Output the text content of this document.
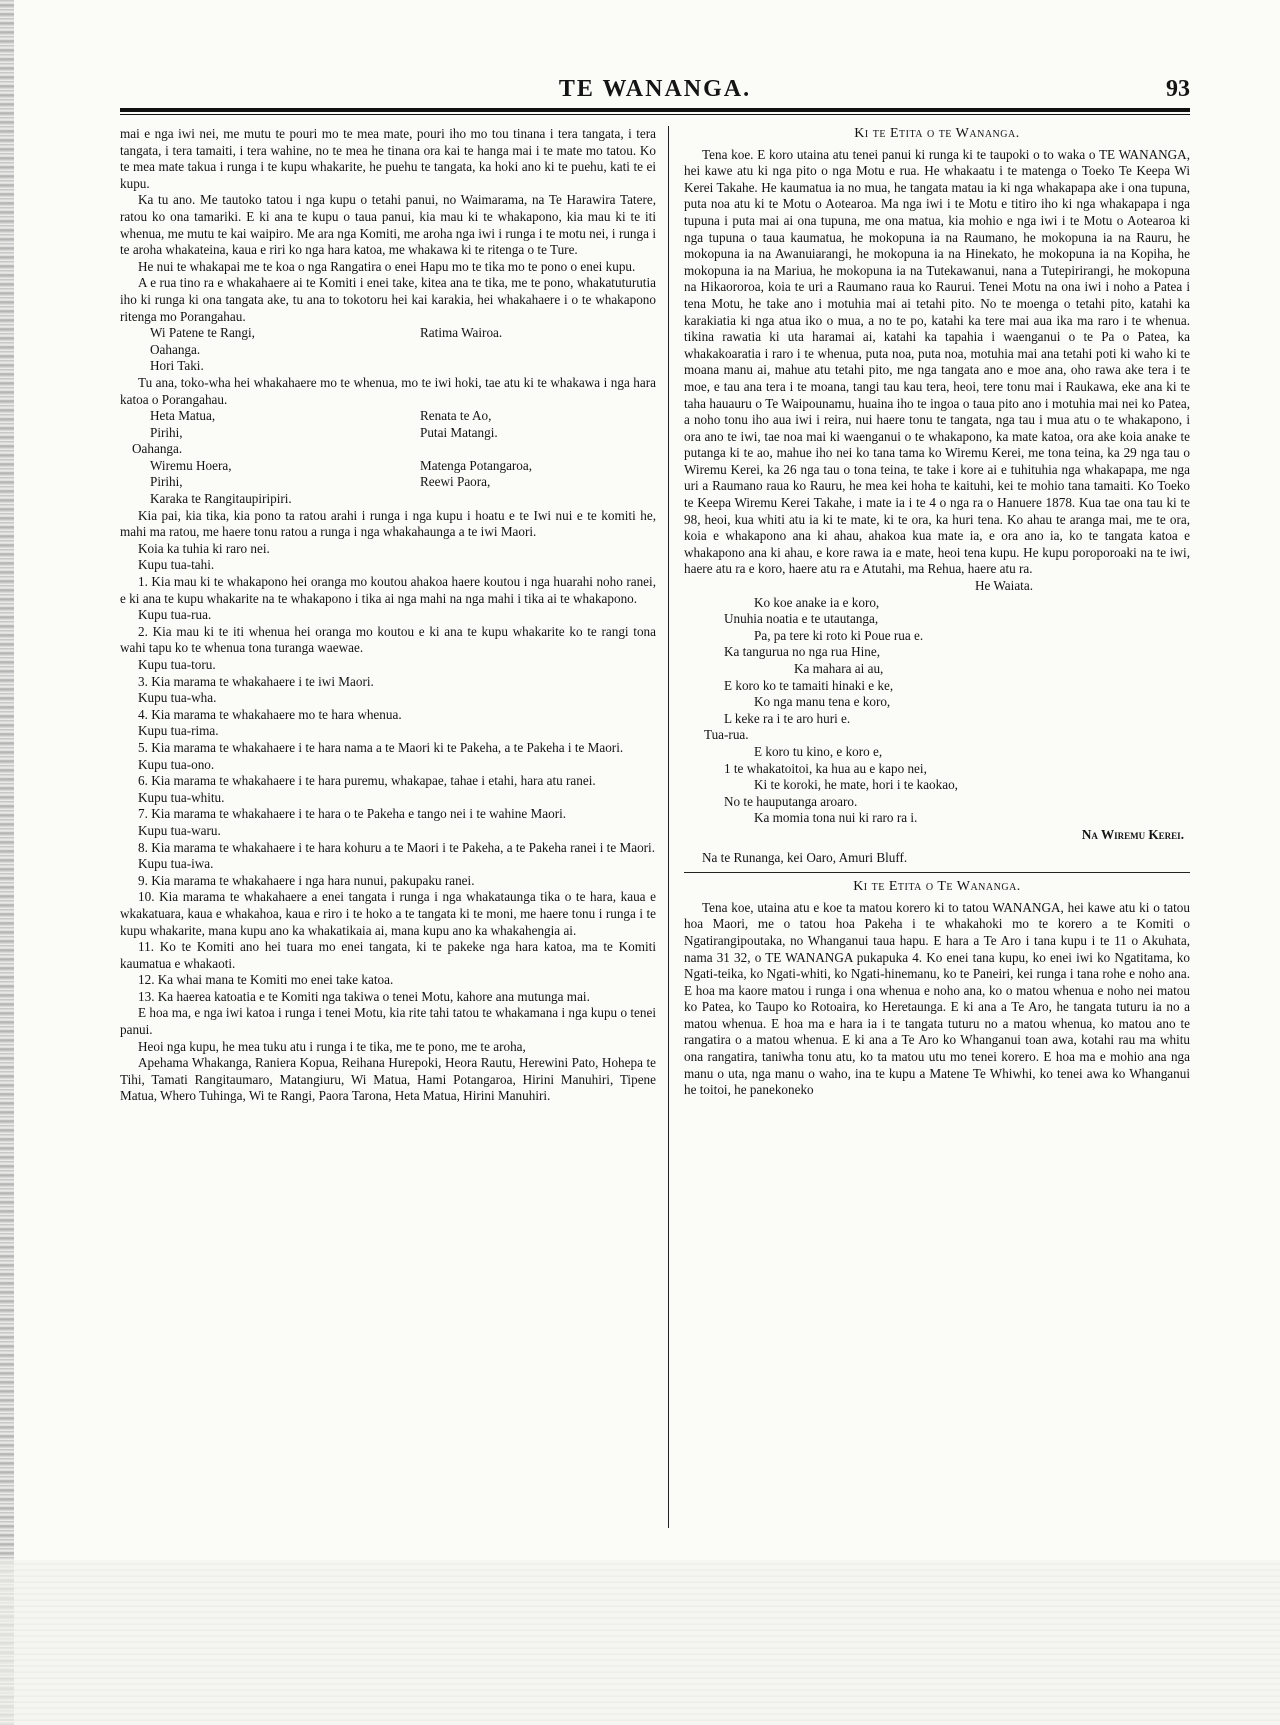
TE WANANGA.	93

mai e nga iwi nei, me mutu te pouri mo te mea mate, pouri iho mo tou tinana i tera tangata, i tera tangata, i tera tamaiti, i tera wahine, no te mea he tinana ora kai te hanga mai i te mate mo tatou. Ko te mea mate takua i runga i te kupu whakarite, he puehu te tangata, ka hoki ano ki te puehu, kati te ei kupu.

Ka tu ano. Me tautoko tatou i nga kupu o tetahi panui, no Waimarama, na Te Harawira Tatere, ratou ko ona tamariki. E ki ana te kupu o taua panui, kia mau ki te whakapono, kia mau ki te iti whenua, me mutu te kai waipiro. Me ara nga Komiti, me aroha nga iwi i runga i te motu nei, i runga i te aroha whakateina, kaua e riri ko nga hara katoa, me whakawa ki te ritenga o te Ture.

He nui te whakapai me te koa o nga Rangatira o enei Hapu mo te tika mo te pono o enei kupu.

A e rua tino ra e whakahaere ai te Komiti i enei take, kitea ana te tika, me te pono, whakatuturutia iho ki runga ki ona tangata ake, tu ana to tokotoru hei kai karakia, hei whakahaere i o te whakapono ritenga mo Porangahau.

Wi Patene te Rangi,	Ratima Wairoa.
Oahanga.
Hori Taki.

Tu ana, toko-wha hei whakahaere mo te whenua, mo te iwi hoki, tae atu ki te whakawa i nga hara katoa o Porangahau.

Heta Matua,	Renata te Ao,
Pirihi,	Putai Matangi.

Oahanga.

Wiremu Hoera,	Matenga Potangaroa,
Pirihi,	Reewi Paora,
Karaka te Rangitaupiripiri.

Kia pai, kia tika, kia pono ta ratou arahi i runga i nga kupu i hoatu e te Iwi nui e te komiti he, mahi ma ratou, me haere tonu ratou a runga i nga whakahaunga a te iwi Maori.

Koia ka tuhia ki raro nei.

Kupu tua-tahi.

1. Kia mau ki te whakapono hei oranga mo koutou ahakoa haere koutou i nga huarahi noho ranei, e ki ana te kupu whakarite na te whakapono i tika ai nga mahi na nga mahi i tika ai te whakapono.

Kupu tua-rua.

2. Kia mau ki te iti whenua hei oranga mo koutou e ki ana te kupu whakarite ko te rangi tona wahi tapu ko te whenua tona turanga waewae.

Kupu tua-toru.

3. Kia marama te whakahaere i te iwi Maori.

Kupu tua-wha.

4. Kia marama te whakahaere mo te hara whenua.

Kupu tua-rima.

5. Kia marama te whakahaere i te hara nama a te Maori ki te Pakeha, a te Pakeha i te Maori.

Kupu tua-ono.

6. Kia marama te whakahaere i te hara puremu, whakapae, tahae i etahi, hara atu ranei.

Kupu tua-whitu.

7. Kia marama te whakahaere i te hara o te Pakeha e tango nei i te wahine Maori.

Kupu tua-waru.

8. Kia marama te whakahaere i te hara kohuru a te Maori i te Pakeha, a te Pakeha ranei i te Maori.

Kupu tua-iwa.

9. Kia marama te whakahaere i nga hara nunui, pakupaku ranei.

10. Kia marama te whakahaere a enei tangata i runga i nga whakataunga tika o te hara, kaua e wkakatuara, kaua e whakahoa, kaua e riro i te hoko a te tangata ki te moni, me haere tonu i runga i te kupu whakarite, mana kupu ano ka whakatikaia ai, mana kupu ano ka whakahengia ai.

11. Ko te Komiti ano hei tuara mo enei tangata, ki te pakeke nga hara katoa, ma te Komiti kaumatua e whakaoti.

12. Ka whai mana te Komiti mo enei take katoa.

13. Ka haerea katoatia e te Komiti nga takiwa o tenei Motu, kahore ana mutunga mai.

E hoa ma, e nga iwi katoa i runga i tenei Motu, kia rite tahi tatou te whakamana i nga kupu o tenei panui.

Heoi nga kupu, he mea tuku atu i runga i te tika, me te pono, me te aroha,

Apehama Whakanga, Raniera Kopua, Reihana Hurepoki, Heora Rautu, Herewini Pato, Hohepa te Tihi, Tamati Rangitaumaro, Matangiuru, Wi Matua, Hami Potangaroa, Hirini Manuhiri, Tipene Matua, Whero Tuhinga, Wi te Rangi, Paora Tarona, Heta Matua, Hirini Manuhiri.

Ki te Etita o te Wananga.

Tena koe. E koro utaina atu tenei panui ki runga ki te taupoki o to waka o TE WANANGA, hei kawe atu ki nga pito o nga Motu e rua. He whakaatu i te matenga o Toeko Te Keepa Wi Kerei Takahe. He kaumatua ia no mua, he tangata matau ia ki nga whakapapa ake i ona tupuna, puta noa atu ki te Motu o Aotearoa. Ma nga iwi i te Motu e titiro iho ki nga whakapapa i nga tupuna i puta mai ai ona tupuna, me ona matua, kia mohio e nga iwi i te Motu o Aotearoa ki nga tupuna o taua kaumatua, he mokopuna ia na Raumano, he mokopuna ia na Rauru, he mokopuna ia na Awanuiarangi, he mokopuna ia na Hinekato, he mokopuna ia na Kopiha, he mokopuna ia na Mariua, he mokopuna ia na Tutekawanui, nana a Tutepirirangi, he mokopuna na Hikaororoa, koia te uri a Raumano raua ko Raurui. Tenei Motu na ona iwi i noho a Patea i tena Motu, he take ano i motuhia mai ai tetahi pito. No te moenga o tetahi pito, katahi ka karakiatia ki nga atua iko o mua, a no te po, katahi ka tere mai aua ika ma raro i te whenua. tikina rawatia ki uta haramai ai, katahi ka tapahia i waenganui o te Pa o Patea, ka whakakoaratia i raro i te whenua, puta noa, puta noa, motuhia mai ana tetahi poti ki waho ki te moana manu ai, mahue atu tetahi pito, me nga tangata ano e moe ana, oho rawa ake tera i te moe, e tau ana tera i te moana, tangi tau kau tera, heoi, tere tonu mai i Raukawa, eke ana ki te taha hauauru o Te Waipounamu, huaina iho te ingoa o taua pito ano i motuhia mai nei ko Patea, a noho tonu iho aua iwi i reira, nui haere tonu te tangata, nga tau i mua atu o te whakapono, i ora ano te iwi, tae noa mai ki waenganui o te whakapono, ka mate katoa, ora ake koia anake te putanga ki te ao, mahue iho nei ko tana tama ko Wiremu Kerei, me tona teina, ka 29 nga tau o Wiremu Kerei, ka 26 nga tau o tona teina, te take i kore ai e tuhituhia nga whakapapa, me nga uri a Raumano raua ko Rauru, he mea kei hoha te kaituhi, kei te mohio tana tamaiti. Ko Toeko te Keepa Wiremu Kerei Takahe, i mate ia i te 4 o nga ra o Hanuere 1878. Kua tae ona tau ki te 98, heoi, kua whiti atu ia ki te mate, ki te ora, ka huri tena. Ko ahau te aranga mai, me te ora, koia e whakapono ana ki ahau, ahakoa kua mate ia, e ora ano ia, ko te tangata katoa e whakapono ana ki ahau, e kore rawa ia e mate, heoi tena kupu. He kupu poroporoaki na te iwi, haere atu ra e koro, haere atu ra e Atutahi, ma Rehua, haere atu ra.

He Waiata.

Ko koe anake ia e koro,

Unuhia noatia e te utautanga,

Pa, pa tere ki roto ki Poue rua e.

Ka tangurua no nga rua Hine,

Ka mahara ai au,

E koro ko te tamaiti hinaki e ke,

Ko nga manu tena e koro,

L keke ra i te aro huri e.

Tua-rua.

E koro tu kino, e koro e,

1 te whakatoitoi, ka hua au e kapo nei,

Ki te koroki, he mate, hori i te kaokao,

No te hauputanga aroaro.

Ka momia tona nui ki raro ra i.

Na Wiremu Kerei.

Na te Runanga, kei Oaro, Amuri Bluff.

Ki te Etita o Te Wananga.

Tena koe, utaina atu e koe ta matou korero ki to tatou WANANGA, hei kawe atu ki o tatou hoa Maori, me o tatou hoa Pakeha i te whakahoki mo te korero a te Komiti o Ngatirangipoutaka, no Whanganui taua hapu. E hara a Te Aro i tana kupu i te 11 o Akuhata, nama 31 32, o TE WANANGA pukapuka 4. Ko enei tana kupu, ko enei iwi ko Ngatitama, ko Ngati-teika, ko Ngati-whiti, ko Ngati-hinemanu, ko te Paneiri, kei runga i tana rohe e noho ana. E hoa ma kaore matou i runga i ona whenua e noho ana, ko o matou whenua e noho nei matou ko Patea, ko Taupo ko Rotoaira, ko Heretaunga. E ki ana a Te Aro, he tangata tuturu ia no a matou whenua. E hoa ma e hara ia i te tangata tuturu no a matou whenua, ko matou ano te rangatira o a matou whenua. E ki ana a Te Aro ko Whanganui toan awa, kotahi rau ma whitu ona rangatira, taniwha tonu atu, ko ta matou utu mo tenei korero. E hoa ma e mohio ana nga manu o uta, nga manu o waho, ina te kupu a Matene Te Whiwhi, ko tenei awa ko Whanganui he toitoi, he panekoneko
